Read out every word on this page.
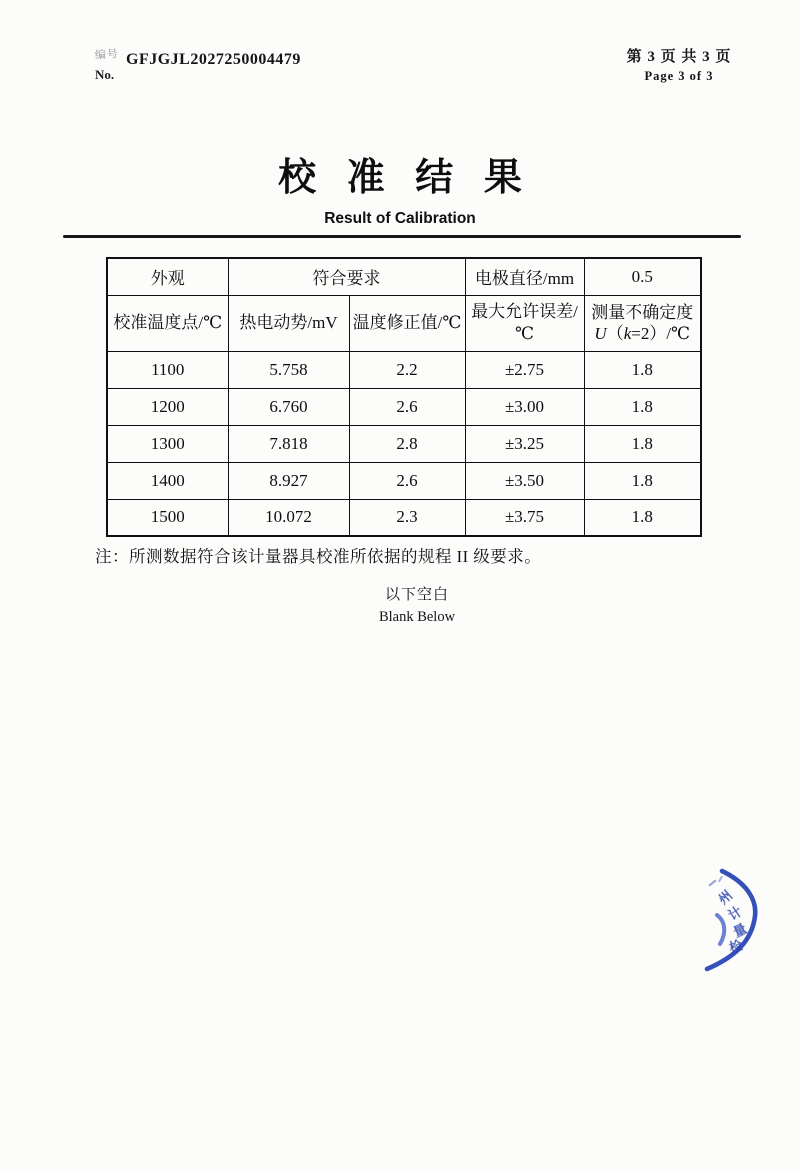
编号
No.
GFJGJL2027250004479	第 3 页 共 3 页
Page 3 of 3
校 准 结 果
Result of Calibration
外观	符合要求		电极直径/mm	0.5
校准温度点/℃	热电动势/mV	温度修正值/℃	最大允许误差/℃	测量不确定度
U（k=2）/℃

1100	5.758	2.2	±2.75	1.8
1200	6.760	2.6	±3.00	1.8
1300	7.818	2.8	±3.25	1.8
1400	8.927	2.6	±3.50	1.8
1500	10.072	2.3	±3.75	1.8
注：所测数据符合该计量器具校准所依据的规程 II 级要求。
以下空白
Blank Below
州
计
量
检
